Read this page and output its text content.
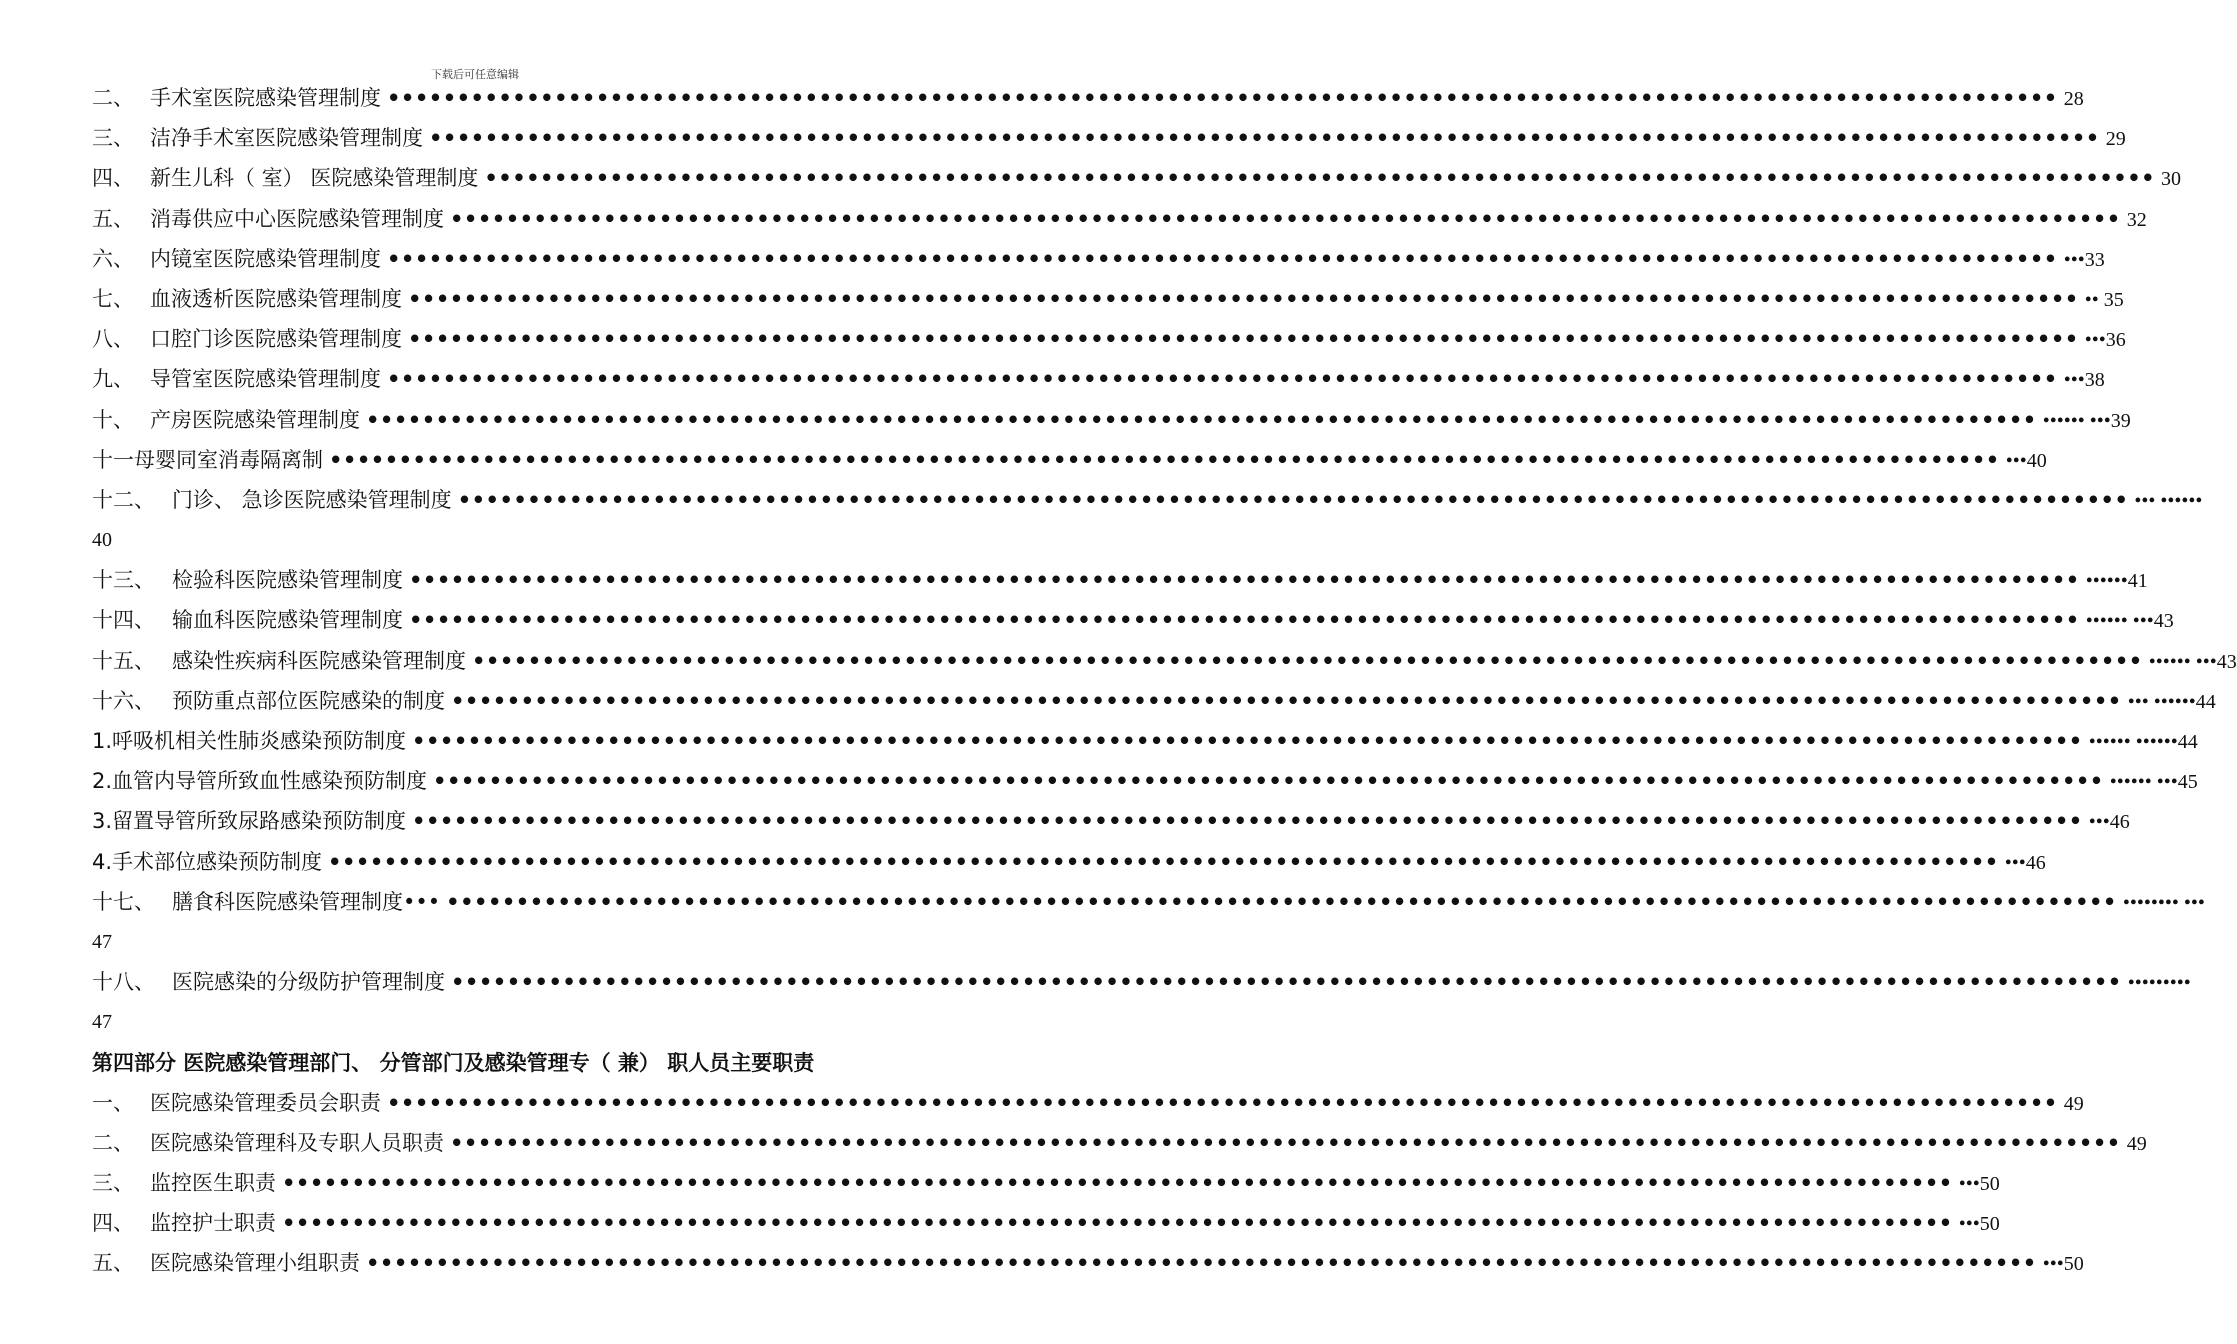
下载后可任意编辑
二、 手术室医院感染管理制度 •••••••••••••••••••••••••••••••••••••••••••••••••••••••••••••••••••••••••••••••••••••••••••••••••••••••••••••••••••••••• 28
三、 洁净手术室医院感染管理制度 •••••••••••••••••••••••••••••••••••••••••••••••••••••••••••••••••••••••••••••••••••••••••••••••••••••••••••••••••••••••• 29
四、 新生儿科（ 室） 医院感染管理制度 •••••••••••••••••••••••••••••••••••••••••••••••••••••••••••••••••••••••••••••••••••••••••••••••••••••••••••••••••••••••• 30
五、 消毒供应中心医院感染管理制度 •••••••••••••••••••••••••••••••••••••••••••••••••••••••••••••••••••••••••••••••••••••••••••••••••••••••••••••••••••••••• 32
六、 内镜室医院感染管理制度 •••••••••••••••••••••••••••••••••••••••••••••••••••••••••••••••••••••••••••••••••••••••••••••••••••••••••••••••••••••••• •••33
七、 血液透析医院感染管理制度 •••••••••••••••••••••••••••••••••••••••••••••••••••••••••••••••••••••••••••••••••••••••••••••••••••••••••••••••••••••••• •• 35
八、 口腔门诊医院感染管理制度 •••••••••••••••••••••••••••••••••••••••••••••••••••••••••••••••••••••••••••••••••••••••••••••••••••••••••••••••••••••••• •••36
九、 导管室医院感染管理制度 •••••••••••••••••••••••••••••••••••••••••••••••••••••••••••••••••••••••••••••••••••••••••••••••••••••••••••••••••••••••• •••38
十、 产房医院感染管理制度 •••••••••••••••••••••••••••••••••••••••••••••••••••••••••••••••••••••••••••••••••••••••••••••••••••••••••••••••••••••••• •••••• •••39
十一母婴同室消毒隔离制 •••••••••••••••••••••••••••••••••••••••••••••••••••••••••••••••••••••••••••••••••••••••••••••••••••••••••••••••••••••••• •••40
十二、 门诊、 急诊医院感染管理制度 •••••••••••••••••••••••••••••••••••••••••••••••••••••••••••••••••••••••••••••••••••••••••••••••••••••••••••••••••••••••• ••• ••••••
40
十三、 检验科医院感染管理制度 •••••••••••••••••••••••••••••••••••••••••••••••••••••••••••••••••••••••••••••••••••••••••••••••••••••••••••••••••••••••• ••••••41
十四、 输血科医院感染管理制度 •••••••••••••••••••••••••••••••••••••••••••••••••••••••••••••••••••••••••••••••••••••••••••••••••••••••••••••••••••••••• •••••• •••43
十五、 感染性疾病科医院感染管理制度 •••••••••••••••••••••••••••••••••••••••••••••••••••••••••••••••••••••••••••••••••••••••••••••••••••••••••••••••••••••••• •••••• •••43
十六、 预防重点部位医院感染的制度 •••••••••••••••••••••••••••••••••••••••••••••••••••••••••••••••••••••••••••••••••••••••••••••••••••••••••••••••••••••••• ••• ••••••44
1.呼吸机相关性肺炎感染预防制度 •••••••••••••••••••••••••••••••••••••••••••••••••••••••••••••••••••••••••••••••••••••••••••••••••••••••••••••••••••••••• •••••• ••••••44
2.血管内导管所致血性感染预防制度 •••••••••••••••••••••••••••••••••••••••••••••••••••••••••••••••••••••••••••••••••••••••••••••••••••••••••••••••••••••••• •••••• •••45
3.留置导管所致尿路感染预防制度 •••••••••••••••••••••••••••••••••••••••••••••••••••••••••••••••••••••••••••••••••••••••••••••••••••••••••••••••••••••••• •••46
4.手术部位感染预防制度 •••••••••••••••••••••••••••••••••••••••••••••••••••••••••••••••••••••••••••••••••••••••••••••••••••••••••••••••••••••••• •••46
十七、 膳食科医院感染管理制度••• •••••••••••••••••••••••••••••••••••••••••••••••••••••••••••••••••••••••••••••••••••••••••••••••••••••••••••••••••••••••• •••••••• •••
47
十八、 医院感染的分级防护管理制度 •••••••••••••••••••••••••••••••••••••••••••••••••••••••••••••••••••••••••••••••••••••••••••••••••••••••••••••••••••••••• •••••••••
47
第四部分 医院感染管理部门、 分管部门及感染管理专（ 兼） 职人员主要职责
一、 医院感染管理委员会职责 •••••••••••••••••••••••••••••••••••••••••••••••••••••••••••••••••••••••••••••••••••••••••••••••••••••••••••••••••••••••• 49
二、 医院感染管理科及专职人员职责 •••••••••••••••••••••••••••••••••••••••••••••••••••••••••••••••••••••••••••••••••••••••••••••••••••••••••••••••••••••••• 49
三、 监控医生职责 •••••••••••••••••••••••••••••••••••••••••••••••••••••••••••••••••••••••••••••••••••••••••••••••••••••••••••••••••••••••• •••50
四、 监控护士职责 •••••••••••••••••••••••••••••••••••••••••••••••••••••••••••••••••••••••••••••••••••••••••••••••••••••••••••••••••••••••• •••50
五、 医院感染管理小组职责 •••••••••••••••••••••••••••••••••••••••••••••••••••••••••••••••••••••••••••••••••••••••••••••••••••••••••••••••••••••••• •••50
